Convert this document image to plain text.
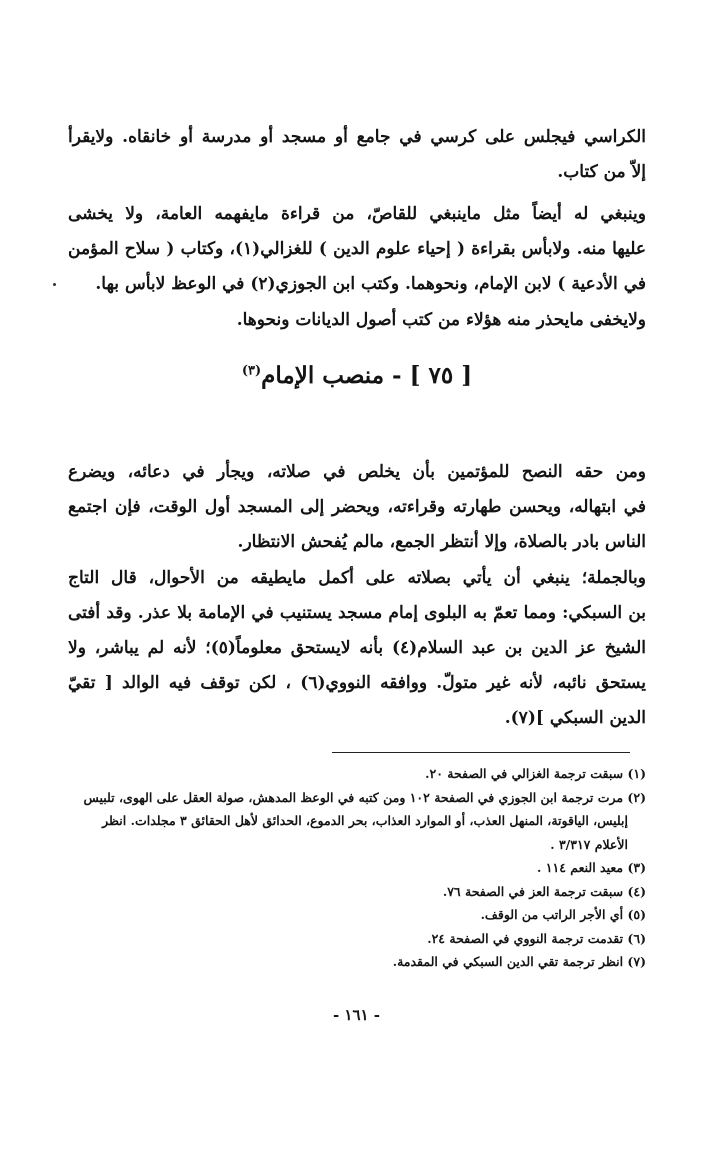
الكراسي فيجلس على كرسي في جامع أو مسجد أو مدرسة أو خانقاه. ولايقرأ
إلاّ من كتاب.
وينبغي له أيضاً مثل ماينبغي للقاصّ، من قراءة مايفهمه العامة، ولا يخشى
عليها منه. ولابأس بقراءة ( إحياء علوم الدين ) للغزالي(١)، وكتاب ( سلاح المؤمن
في الأدعية ) لابن الإمام، ونحوهما. وكتب ابن الجوزي(٢) في الوعظ لابأس بها.
ولايخفى مايحذر منه هؤلاء من كتب أصول الديانات ونحوها.
[ ٧٥ ] - منصب الإمام$^{(٣)}$
ومن حقه النصح للمؤتمين بأن يخلص في صلاته، ويجأر في دعائه، ويضرع
في ابتهاله، ويحسن طهارته وقراءته، ويحضر إلى المسجد أول الوقت، فإن اجتمع
الناس بادر بالصلاة، وإلا أنتظر الجمع، مالم يُفحش الانتظار.
وبالجملة؛ ينبغي أن يأتي بصلاته على أكمل مايطيقه من الأحوال، قال التاج
بن السبكي: ومما تعمّ به البلوى إمام مسجد يستنيب في الإمامة بلا عذر. وقد أفتى
الشيخ عز الدين بن عبد السلام(٤) بأنه لايستحق معلوماً(٥)؛ لأنه لم يباشر، ولا
يستحق نائبه، لأنه غير متولّ. ووافقه النووي(٦) ، لكن توقف فيه الوالد [ تقيّ
الدين السبكي ](٧).
(١) سبقت ترجمة الغزالي في الصفحة ٢٠.
(٢) مرت ترجمة ابن الجوزي في الصفحة ١٠٢ ومن كتبه في الوعظ المدهش، صولة العقل على الهوى، تلبيس
إبليس، الياقوتة، المنهل العذب، أو الموارد العذاب، بحر الدموع، الحدائق لأهل الحقائق ٣ مجلدات. انظر
الأعلام ٣/٣١٧ .
(٣) معيد النعم ١١٤ .
(٤) سبقت ترجمة العز في الصفحة ٧٦.
(٥) أي الأجر الراتب من الوقف.
(٦) تقدمت ترجمة النووي في الصفحة ٢٤.
(٧) انظر ترجمة تقي الدين السبكي في المقدمة.
- ١٦١ -
